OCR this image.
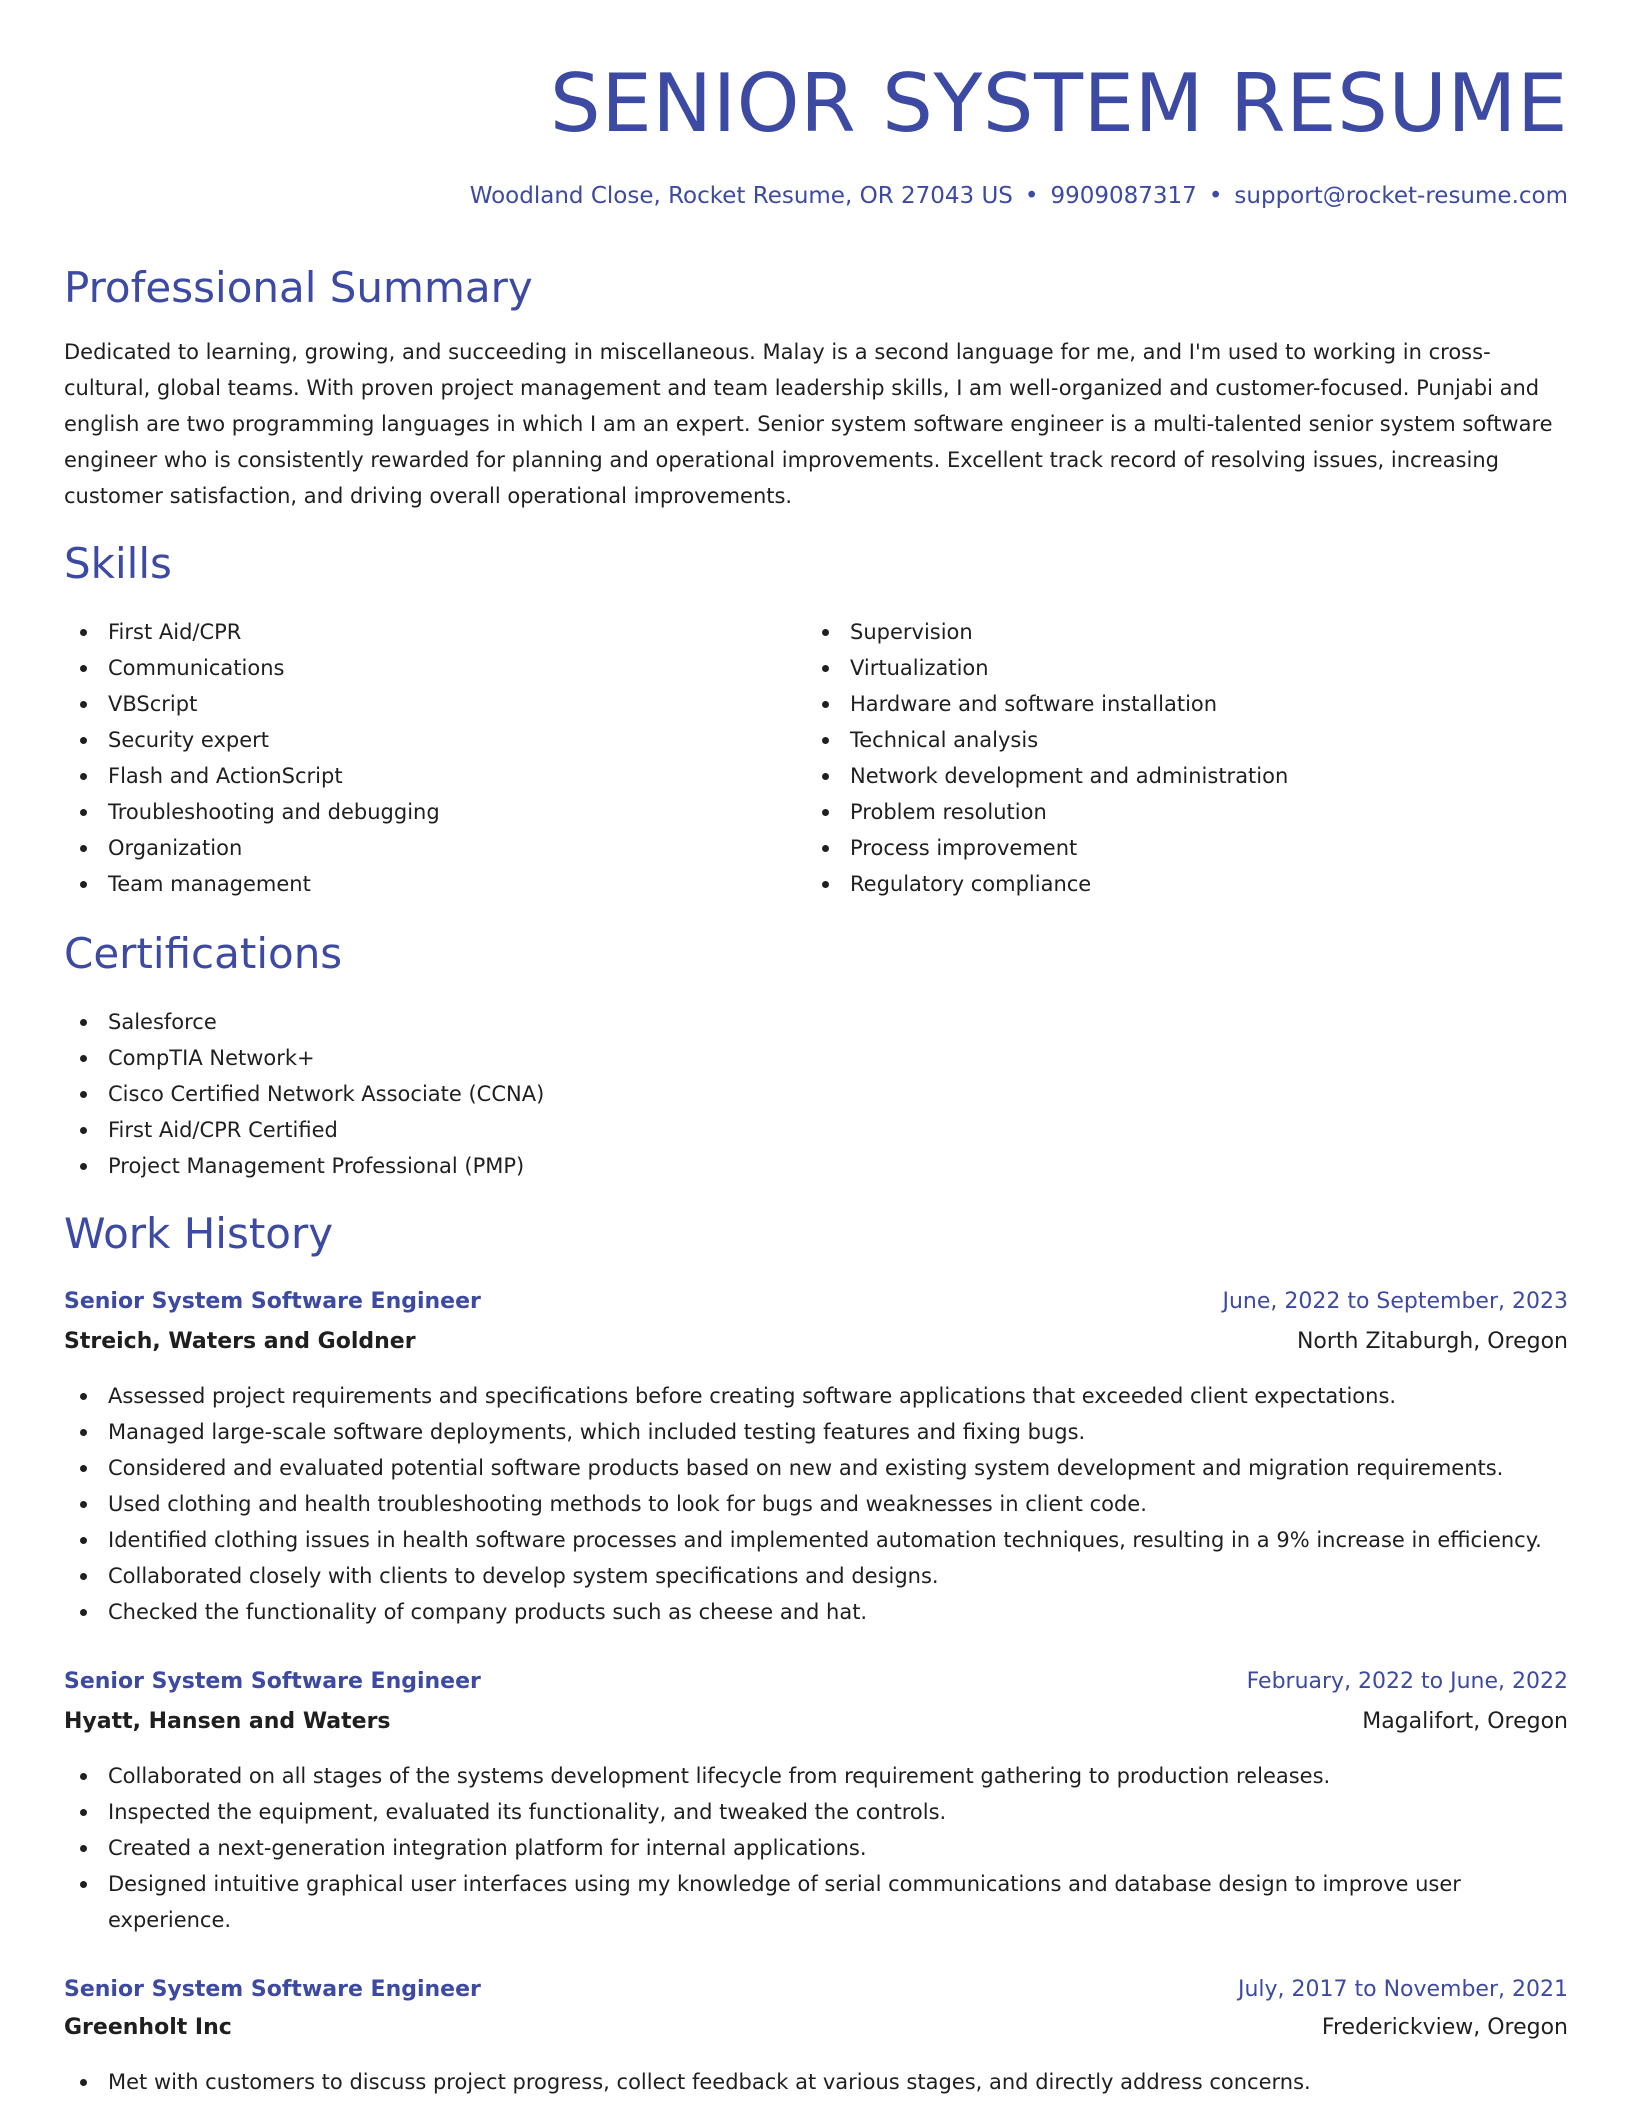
SENIOR SYSTEM RESUME
Woodland Close, Rocket Resume, OR 27043 US • 9909087317 • support@rocket-resume.com
Professional Summary
Dedicated to learning, growing, and succeeding in miscellaneous. Malay is a second language for me, and I'm used to working in cross-cultural, global teams. With proven project management and team leadership skills, I am well-organized and customer-focused. Punjabi and english are two programming languages in which I am an expert. Senior system software engineer is a multi-talented senior system software engineer who is consistently rewarded for planning and operational improvements. Excellent track record of resolving issues, increasing customer satisfaction, and driving overall operational improvements.
Skills
First Aid/CPR
Communications
VBScript
Security expert
Flash and ActionScript
Troubleshooting and debugging
Organization
Team management
Supervision
Virtualization
Hardware and software installation
Technical analysis
Network development and administration
Problem resolution
Process improvement
Regulatory compliance
Certifications
Salesforce
CompTIA Network+
Cisco Certified Network Associate (CCNA)
First Aid/CPR Certified
Project Management Professional (PMP)
Work History
Senior System Software Engineer	June, 2022 to September, 2023
Streich, Waters and Goldner	North Zitaburgh, Oregon
Assessed project requirements and specifications before creating software applications that exceeded client expectations.
Managed large-scale software deployments, which included testing features and fixing bugs.
Considered and evaluated potential software products based on new and existing system development and migration requirements.
Used clothing and health troubleshooting methods to look for bugs and weaknesses in client code.
Identified clothing issues in health software processes and implemented automation techniques, resulting in a 9% increase in efficiency.
Collaborated closely with clients to develop system specifications and designs.
Checked the functionality of company products such as cheese and hat.
Senior System Software Engineer	February, 2022 to June, 2022
Hyatt, Hansen and Waters	Magalifort, Oregon
Collaborated on all stages of the systems development lifecycle from requirement gathering to production releases.
Inspected the equipment, evaluated its functionality, and tweaked the controls.
Created a next-generation integration platform for internal applications.
Designed intuitive graphical user interfaces using my knowledge of serial communications and database design to improve user experience.
Senior System Software Engineer	July, 2017 to November, 2021
Greenholt Inc	Frederickview, Oregon
Met with customers to discuss project progress, collect feedback at various stages, and directly address concerns.
